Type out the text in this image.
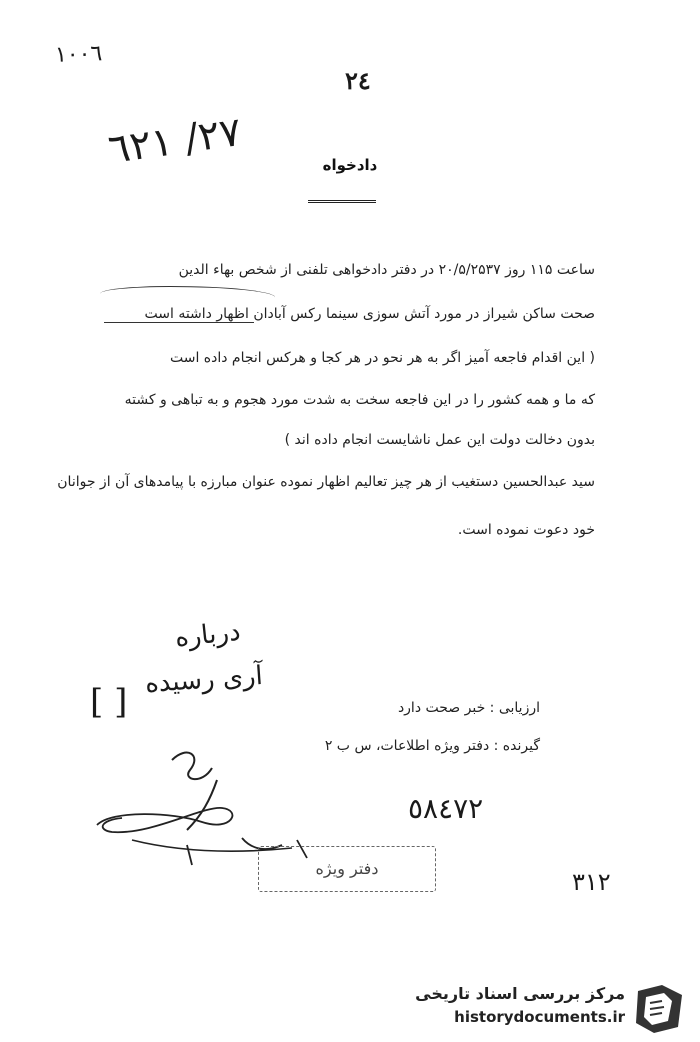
١٠٠٦
٢٤
٢٧/ ٦٢١
دادخواه
ساعت ۱۱۵ روز ۲۰/۵/۲۵۳۷ در دفتر دادخواهی تلفنی از شخص بهاء الدین
صحت ساکن شیراز در مورد آتش سوزی سینما رکس آبادان اظهار داشته است
( این اقدام فاجعه آمیز اگر به هر نحو در هر کجا و هرکس انجام داده است
که ما و همه کشور را در این فاجعه سخت به شدت مورد هجوم و به تباهی و کشته
بدون دخالت دولت این عمل ناشایست انجام داده اند )
سید عبدالحسین دستغیب از هر چیز تعالیم اظهار نموده عنوان مبارزه با پیامدهای آن از جوانان
خود دعوت نموده است.
درباره
آری رسیده
[ ]	ارزیابی : خبر صحت دارد
گیرنده : دفتر ویژه اطلاعات، س ب ۲
٥٨٤٧٢
دفتر ویژه	٣١٢
مرکز بررسی اسناد تاریخی
historydocuments.ir
